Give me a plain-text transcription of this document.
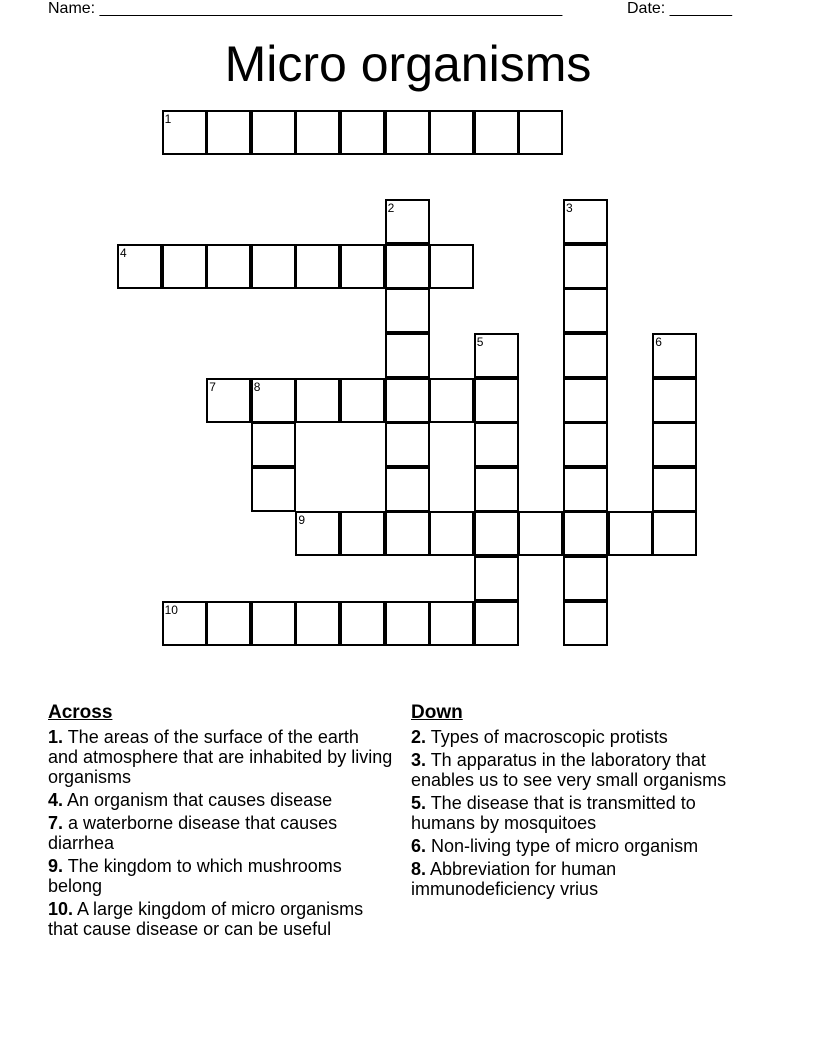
Name: ____________________________________________________	Date: _______
Micro organisms
1
2	3
4
5	6
7	8
9
10
Across
1. The areas of the surface of the earth and atmosphere that are inhabited by living organisms
4. An organism that causes disease
7. a waterborne disease that causes diarrhea
9. The kingdom to which mushrooms belong
10. A large kingdom of micro organisms that cause disease or can be useful
Down
2. Types of macroscopic protists
3. Th apparatus in the laboratory that enables us to see very small organisms
5. The disease that is transmitted to humans by mosquitoes
6. Non-living type of micro organism
8. Abbreviation for human immunodeficiency vrius
